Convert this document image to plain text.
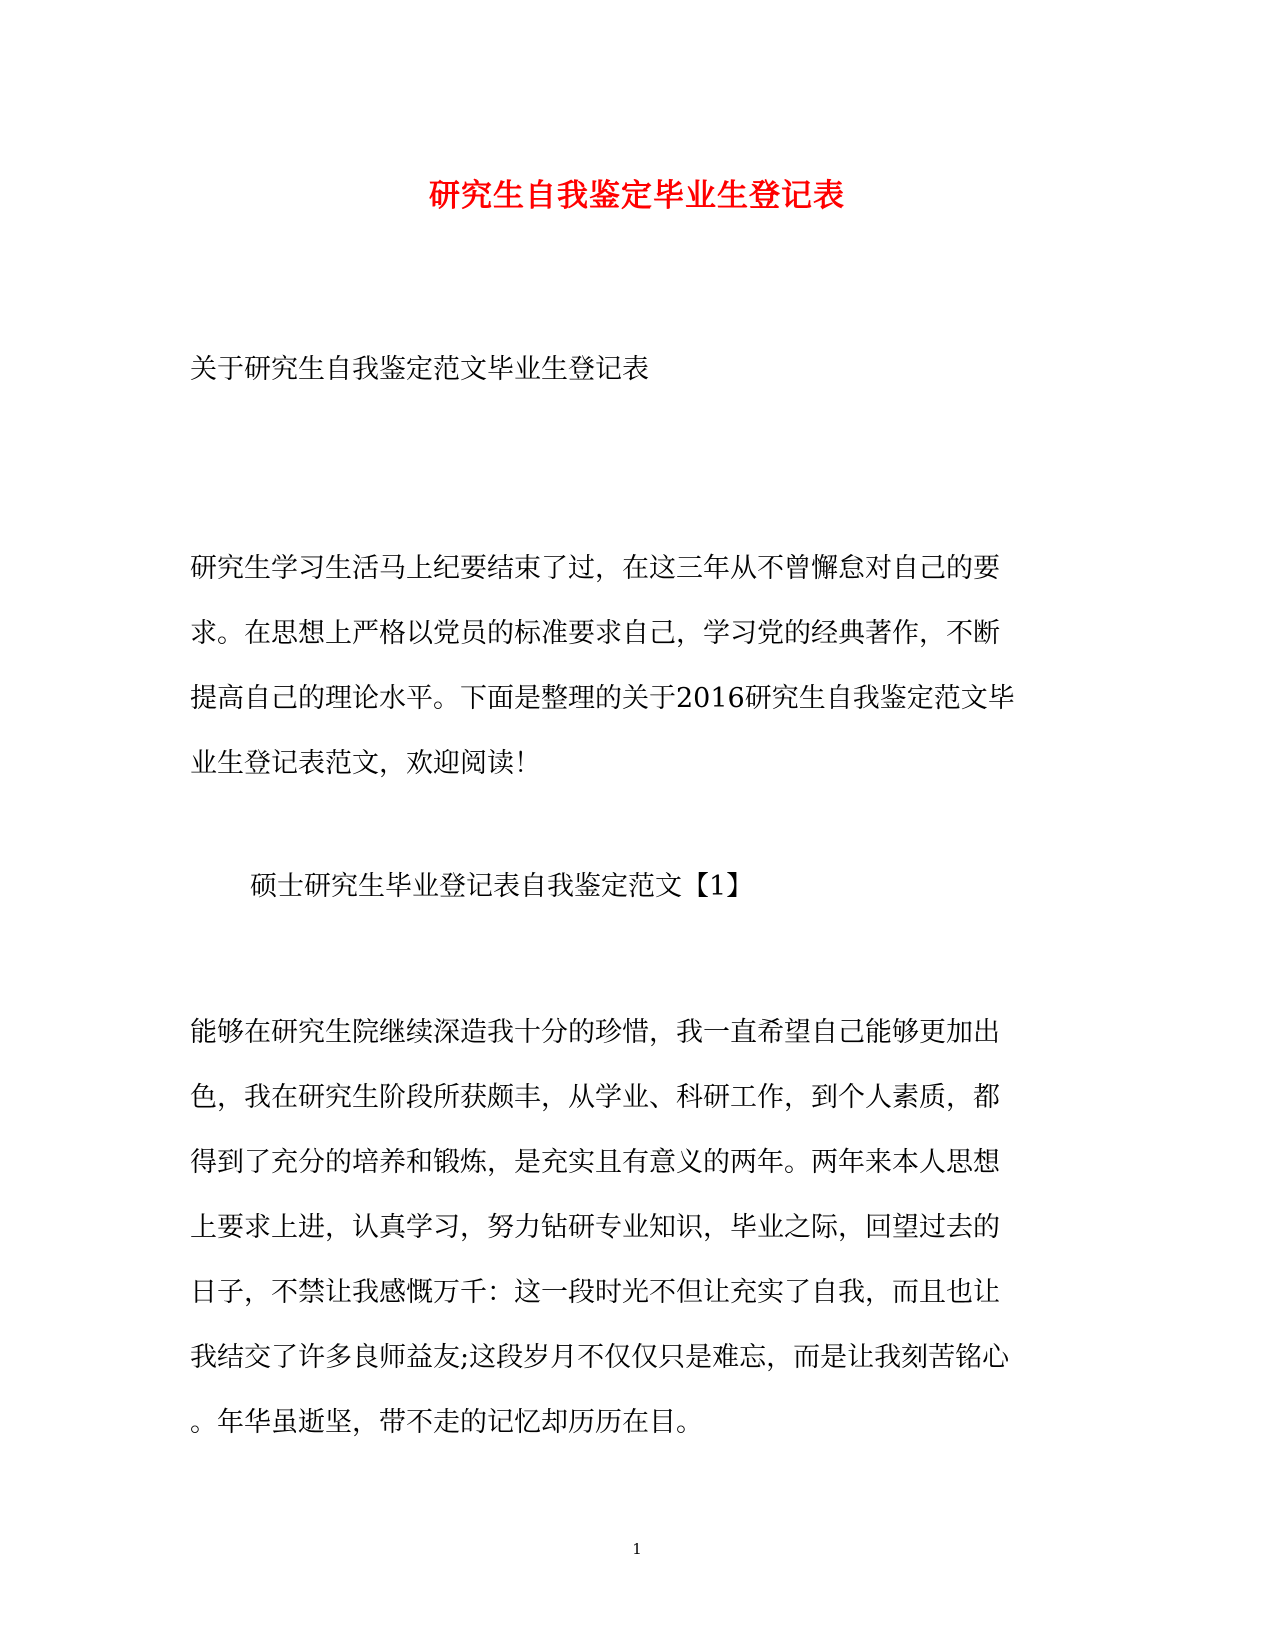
研究生自我鉴定毕业生登记表

关于研究生自我鉴定范文毕业生登记表

研究生学习生活马上纪要结束了过，在这三年从不曾懈怠对自己的要
求。在思想上严格以党员的标准要求自己，学习党的经典著作，不断
提高自己的理论水平。下面是整理的关于2016研究生自我鉴定范文毕
业生登记表范文，欢迎阅读！

硕士研究生毕业登记表自我鉴定范文【1】

能够在研究生院继续深造我十分的珍惜，我一直希望自己能够更加出
色，我在研究生阶段所获颇丰，从学业、科研工作，到个人素质，都
得到了充分的培养和锻炼，是充实且有意义的两年。两年来本人思想
上要求上进，认真学习，努力钻研专业知识，毕业之际，回望过去的
日子，不禁让我感慨万千：这一段时光不但让充实了自我，而且也让
我结交了许多良师益友;这段岁月不仅仅只是难忘，而是让我刻苦铭心
。年华虽逝坚，带不走的记忆却历历在目。

1
